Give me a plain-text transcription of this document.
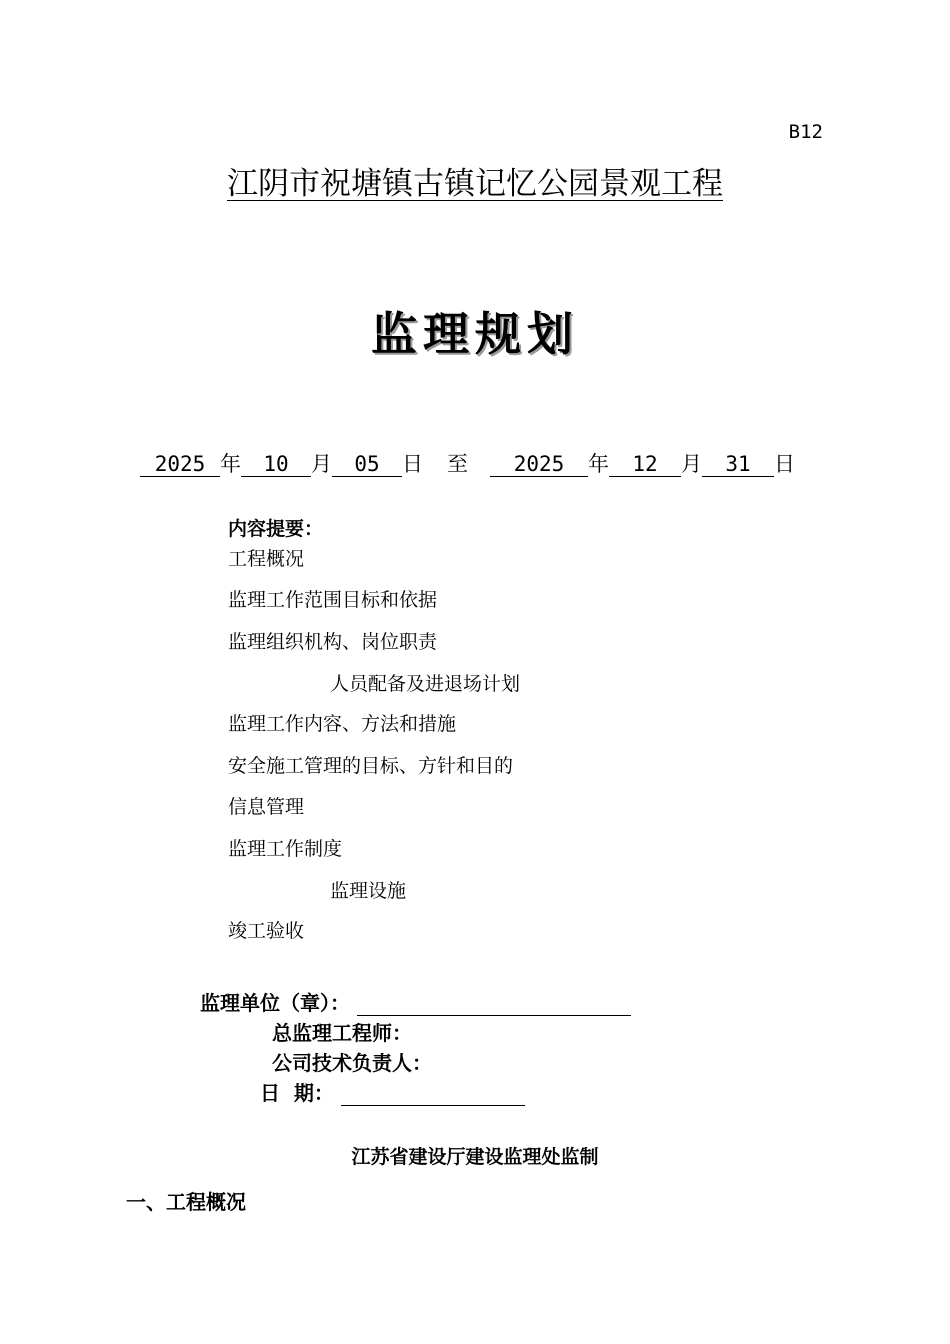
B12
江阴市祝塘镇古镇记忆公园景观工程
监理规划
2025 年	10	月	05	日 至	2025	年	12	月	31	日
内容提要：
工程概况
监理工作范围目标和依据
监理组织机构、岗位职责
人员配备及进退场计划
监理工作内容、方法和措施
安全施工管理的目标、方针和目的
信息管理
监理工作制度
监理设施
竣工验收
监理单位（章）：
总监理工程师：
公司技术负责人：
日  期：
江苏省建设厅建设监理处监制
一、工程概况
